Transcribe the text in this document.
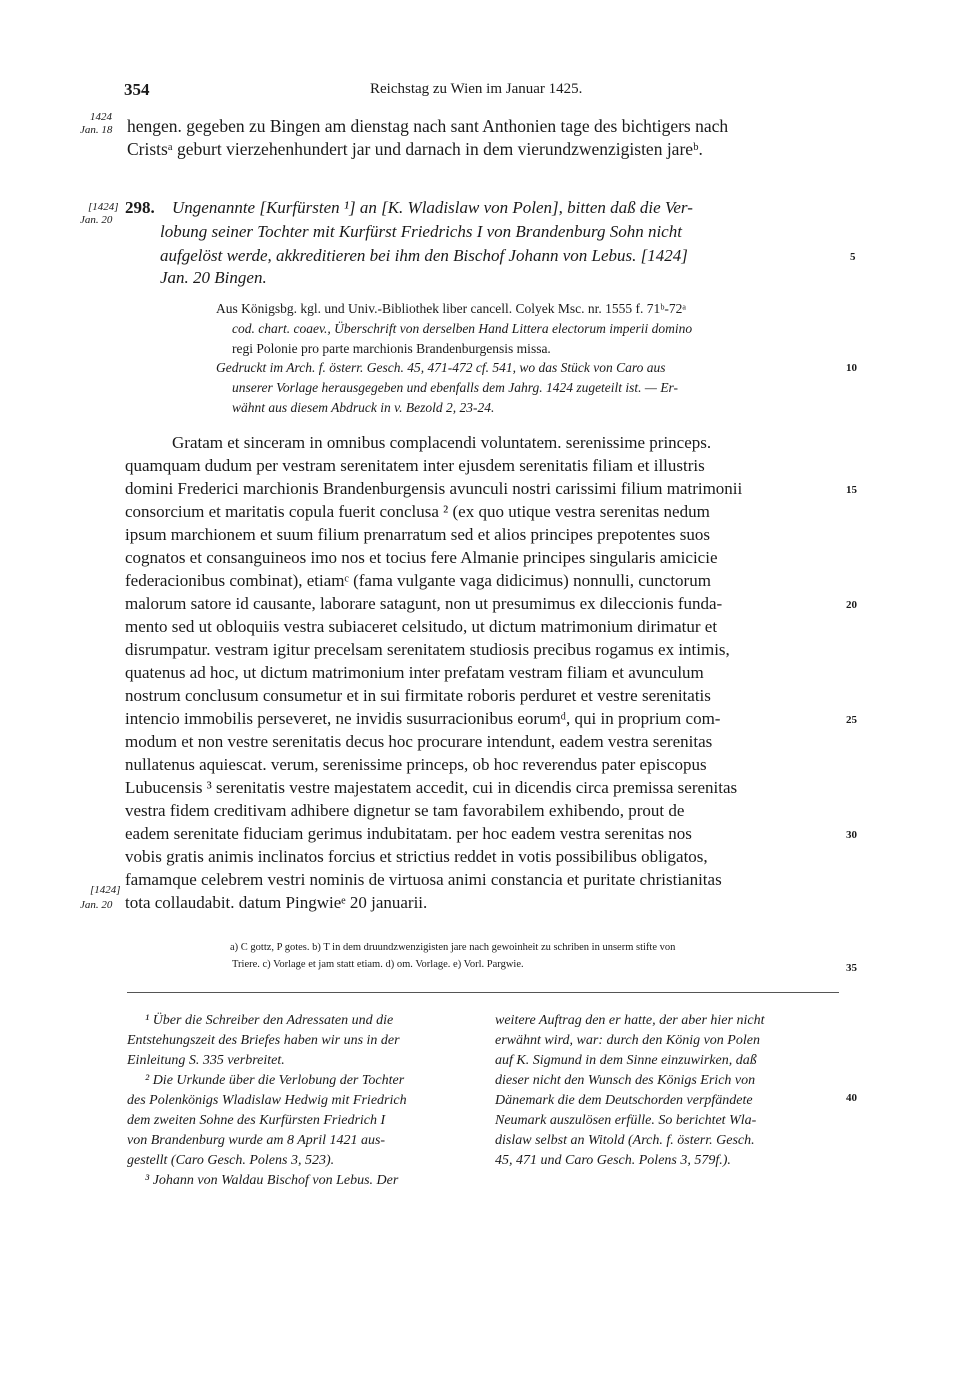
354	Reichstag zu Wien im Januar 1425.
1424
Jan. 18 hengen. gegeben zu Bingen am dienstag nach sant Anthonien tage des bichtigers nach
Cristsᵃ geburt vierzehenhundert jar und darnach in dem vierundzwenzigisten jareᵇ.
[1424]
Jan. 20
298. Ungenannte [Kurfürsten ¹] an [K. Wladislaw von Polen], bitten daß die Ver-
lobung seiner Tochter mit Kurfürst Friedrichs I von Brandenburg Sohn nicht
aufgelöst werde, akkreditieren bei ihm den Bischof Johann von Lebus. [1424]
Jan. 20 Bingen.
Aus Königsbg. kgl. und Univ.-Bibliothek liber cancell. Colyek Msc. nr. 1555 f. 71ᵇ-72ᵃ
cod. chart. coaev., Überschrift von derselben Hand Littera electorum imperii domino
regi Polonie pro parte marchionis Brandenburgensis missa.
Gedruckt im Arch. f. österr. Gesch. 45, 471-472 cf. 541, wo das Stück von Caro aus
unserer Vorlage herausgegeben und ebenfalls dem Jahrg. 1424 zugeteilt ist. — Er-
wähnt aus diesem Abdruck in v. Bezold 2, 23-24.
Gratam et sinceram in omnibus complacendi voluntatem. serenissime princeps.
quamquam dudum per vestram serenitatem inter ejusdem serenitatis filiam et illustris
domini Frederici marchionis Brandenburgensis avunculi nostri carissimi filium matrimonii
consorcium et maritatis copula fuerit conclusa ² (ex quo utique vestra serenitas nedum
ipsum marchionem et suum filium prenarratum sed et alios principes prepotentes suos
cognatos et consanguineos imo nos et tocius fere Almanie principes singularis amicicie
federacionibus combinat), etiamᶜ (fama vulgante vaga didicimus) nonnulli, cunctorum
malorum satore id causante, laborare satagunt, non ut presumimus ex dileccionis funda-
mento sed ut obloquiis vestra subiaceret celsitudo, ut dictum matrimonium dirimatur et
disrumpatur. vestram igitur precelsam serenitatem studiosis precibus rogamus ex intimis,
quatenus ad hoc, ut dictum matrimonium inter prefatam vestram filiam et avunculum
nostrum conclusum consumetur et in sui firmitate roboris perduret et vestre serenitatis
intencio immobilis perseveret, ne invidis susurracionibus eorumᵈ, qui in proprium com-
modum et non vestre serenitatis decus hoc procurare intendunt, eadem vestra serenitas
nullatenus aquiescat. verum, serenissime princeps, ob hoc reverendus pater episcopus
Lubucensis ³ serenitatis vestre majestatem accedit, cui in dicendis circa premissa serenitas
vestra fidem creditivam adhibere dignetur se tam favorabilem exhibendo, prout de
eadem serenitate fiduciam gerimus indubitatam. per hoc eadem vestra serenitas nos
vobis gratis animis inclinatos forcius et strictius reddet in votis possibilibus obligatos,
famamque celebrem vestri nominis de virtuosa animi constancia et puritate christianitas
tota collaudabit. datum Pingwieᵉ 20 januarii.
[1424]
Jan. 20
a) C gottz, P gotes. b) T in dem druundzwenzigisten jare nach gewoinheit zu schriben in unserm stifte von
Triere. c) Vorlage et jam statt etiam. d) om. Vorlage. e) Vorl. Pargwie.
¹ Über die Schreiber den Adressaten und die
Entstehungszeit des Briefes haben wir uns in der
Einleitung S. 335 verbreitet.
² Die Urkunde über die Verlobung der Tochter
des Polenkönigs Wladislaw Hedwig mit Friedrich
dem zweiten Sohne des Kurfürsten Friedrich I
von Brandenburg wurde am 8 April 1421 aus-
gestellt (Caro Gesch. Polens 3, 523).
³ Johann von Waldau Bischof von Lebus. Der
weitere Auftrag den er hatte, der aber hier nicht
erwähnt wird, war: durch den König von Polen
auf K. Sigmund in dem Sinne einzuwirken, daß
dieser nicht den Wunsch des Königs Erich von
Dänemark die dem Deutschorden verpfändete
Neumark auszulösen erfülle. So berichtet Wla-
dislaw selbst an Witold (Arch. f. österr. Gesch.
45, 471 und Caro Gesch. Polens 3, 579f.).
5
10
15
20
25
30
35
40
